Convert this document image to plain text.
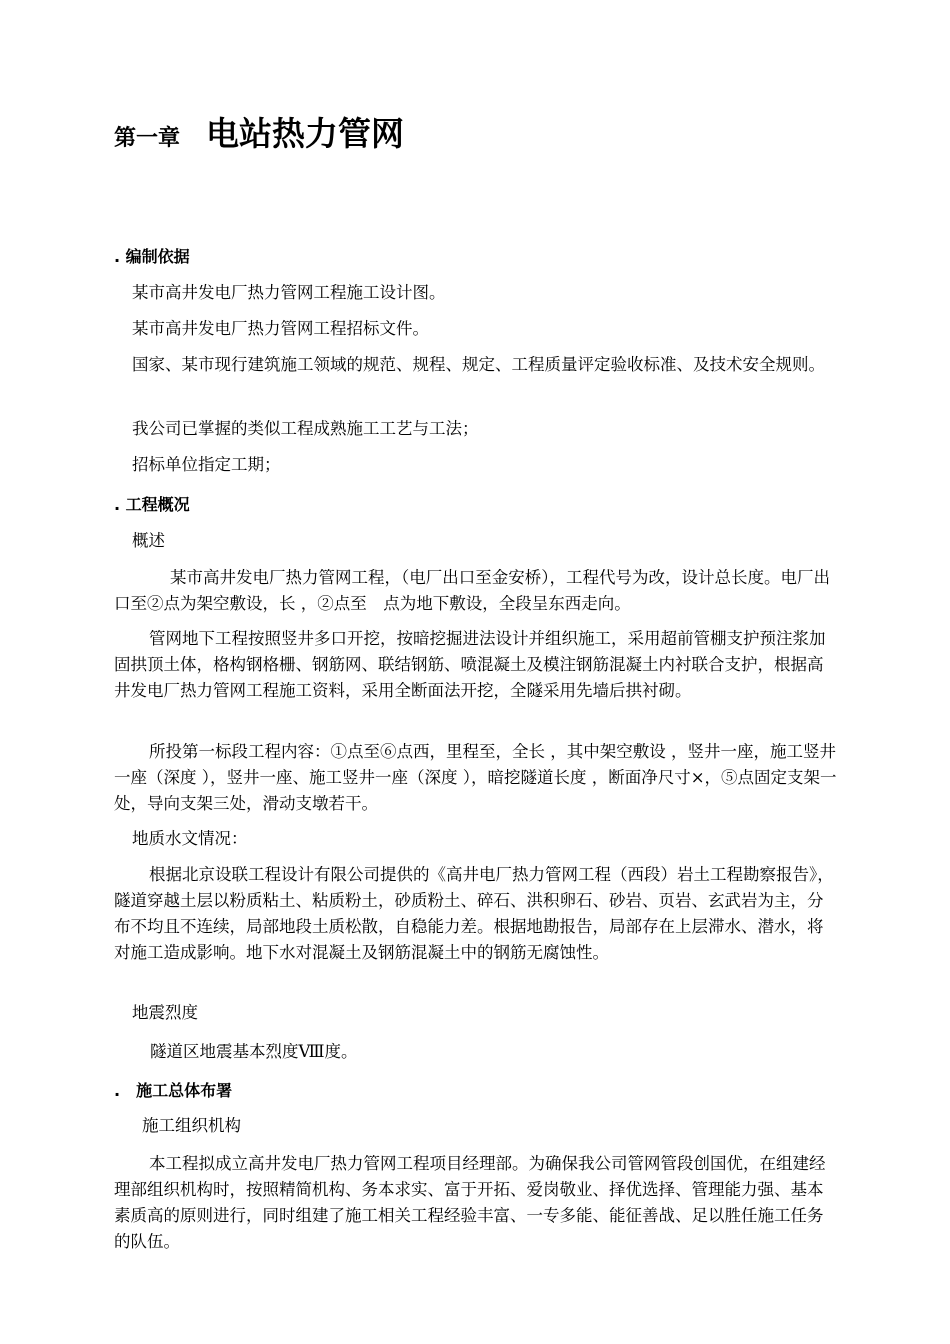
第一章 电站热力管网
. 编制依据
某市高井发电厂热力管网工程施工设计图。
某市高井发电厂热力管网工程招标文件。
国家、某市现行建筑施工领域的规范、规程、规定、工程质量评定验收标准、及技术安全规则。
我公司已掌握的类似工程成熟施工工艺与工法；
招标单位指定工期；
. 工程概况
概述
某市高井发电厂热力管网工程，（电厂出口至金安桥），工程代号为改，设计总长度。电厂出口至②点为架空敷设，长 ，②点至　点为地下敷设，全段呈东西走向。
管网地下工程按照竖井多口开挖，按暗挖掘进法设计并组织施工，采用超前管棚支护预注浆加固拱顶土体，格构钢格栅、钢筋网、联结钢筋、喷混凝土及模注钢筋混凝土内衬联合支护，根据高井发电厂热力管网工程施工资料，采用全断面法开挖，全隧采用先墙后拱衬砌。
所投第一标段工程内容：①点至⑥点西，里程至，全长 ，其中架空敷设 ，竖井一座，施工竖井一座（深度 ），竖井一座、施工竖井一座（深度 ），暗挖隧道长度 ，断面净尺寸×，⑤点固定支架一处，导向支架三处，滑动支墩若干。
地质水文情况：
根据北京设联工程设计有限公司提供的《高井电厂热力管网工程（西段）岩土工程勘察报告》，隧道穿越土层以粉质粘土、粘质粉土，砂质粉土、碎石、洪积卵石、砂岩、页岩、玄武岩为主，分布不均且不连续，局部地段土质松散，自稳能力差。根据地勘报告，局部存在上层滞水、潜水，将对施工造成影响。地下水对混凝土及钢筋混凝土中的钢筋无腐蚀性。
地震烈度
隧道区地震基本烈度Ⅷ度。
.　施工总体布署
施工组织机构
本工程拟成立高井发电厂热力管网工程项目经理部。为确保我公司管网管段创国优，在组建经理部组织机构时，按照精简机构、务本求实、富于开拓、爱岗敬业、择优选择、管理能力强、基本素质高的原则进行，同时组建了施工相关工程经验丰富、一专多能、能征善战、足以胜任施工任务的队伍。
